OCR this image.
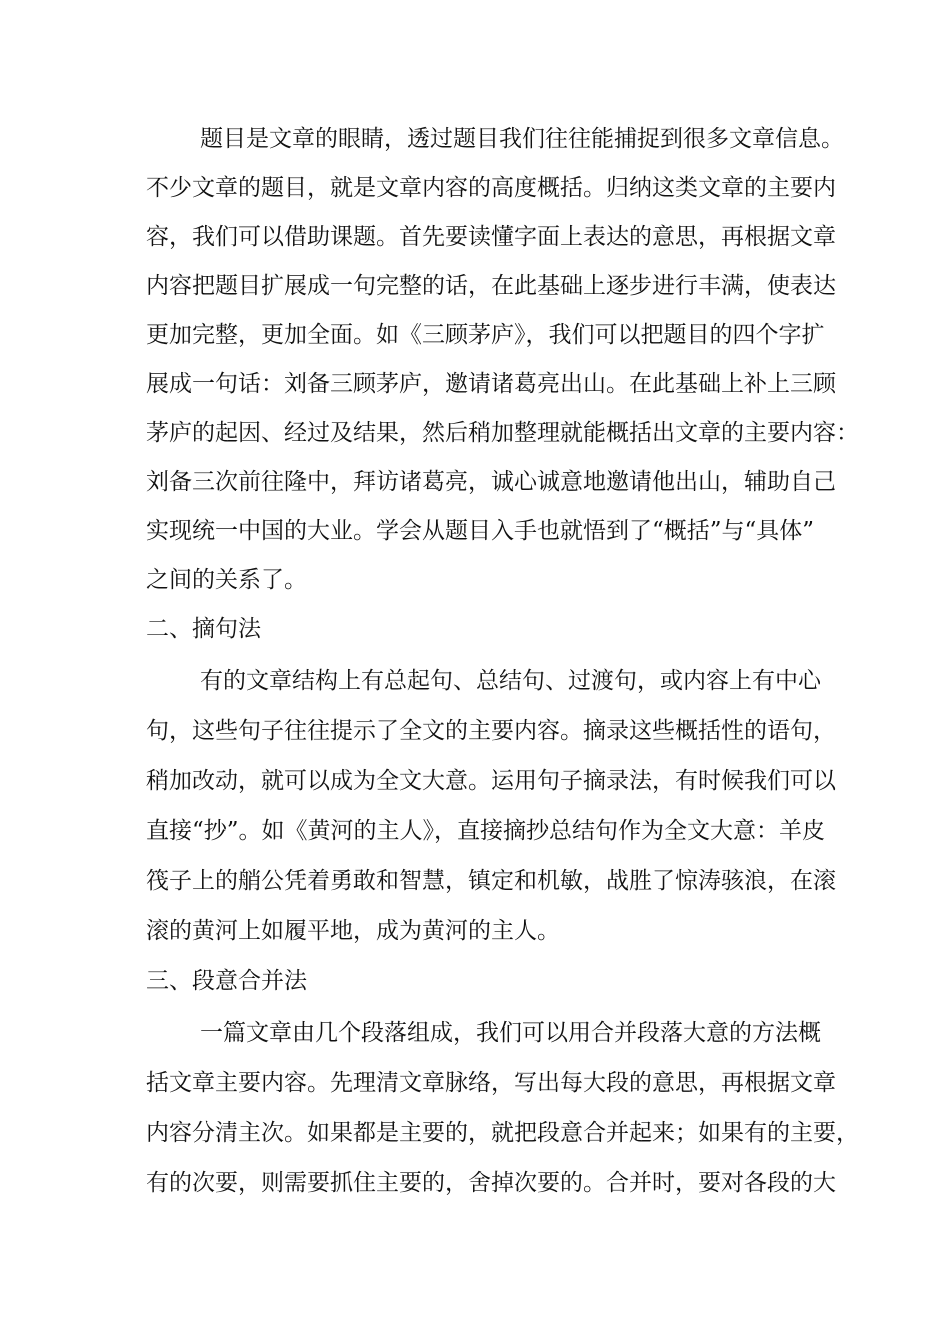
题目是文章的眼睛，透过题目我们往往能捕捉到很多文章信息。
不少文章的题目，就是文章内容的高度概括。归纳这类文章的主要内
容，我们可以借助课题。首先要读懂字面上表达的意思，再根据文章
内容把题目扩展成一句完整的话，在此基础上逐步进行丰满，使表达
更加完整，更加全面。如《三顾茅庐》，我们可以把题目的四个字扩
展成一句话：刘备三顾茅庐，邀请诸葛亮出山。在此基础上补上三顾
茅庐的起因、经过及结果，然后稍加整理就能概括出文章的主要内容：
刘备三次前往隆中，拜访诸葛亮，诚心诚意地邀请他出山，辅助自己
实现统一中国的大业。学会从题目入手也就悟到了“概括”与“具体”
之间的关系了。
二、摘句法
有的文章结构上有总起句、总结句、过渡句，或内容上有中心
句，这些句子往往提示了全文的主要内容。摘录这些概括性的语句，
稍加改动，就可以成为全文大意。运用句子摘录法，有时候我们可以
直接“抄”。如《黄河的主人》，直接摘抄总结句作为全文大意：羊皮
筏子上的艄公凭着勇敢和智慧，镇定和机敏，战胜了惊涛骇浪，在滚
滚的黄河上如履平地，成为黄河的主人。
三、段意合并法
一篇文章由几个段落组成，我们可以用合并段落大意的方法概
括文章主要内容。先理清文章脉络，写出每大段的意思，再根据文章
内容分清主次。如果都是主要的，就把段意合并起来；如果有的主要，
有的次要，则需要抓住主要的，舍掉次要的。合并时，要对各段的大
